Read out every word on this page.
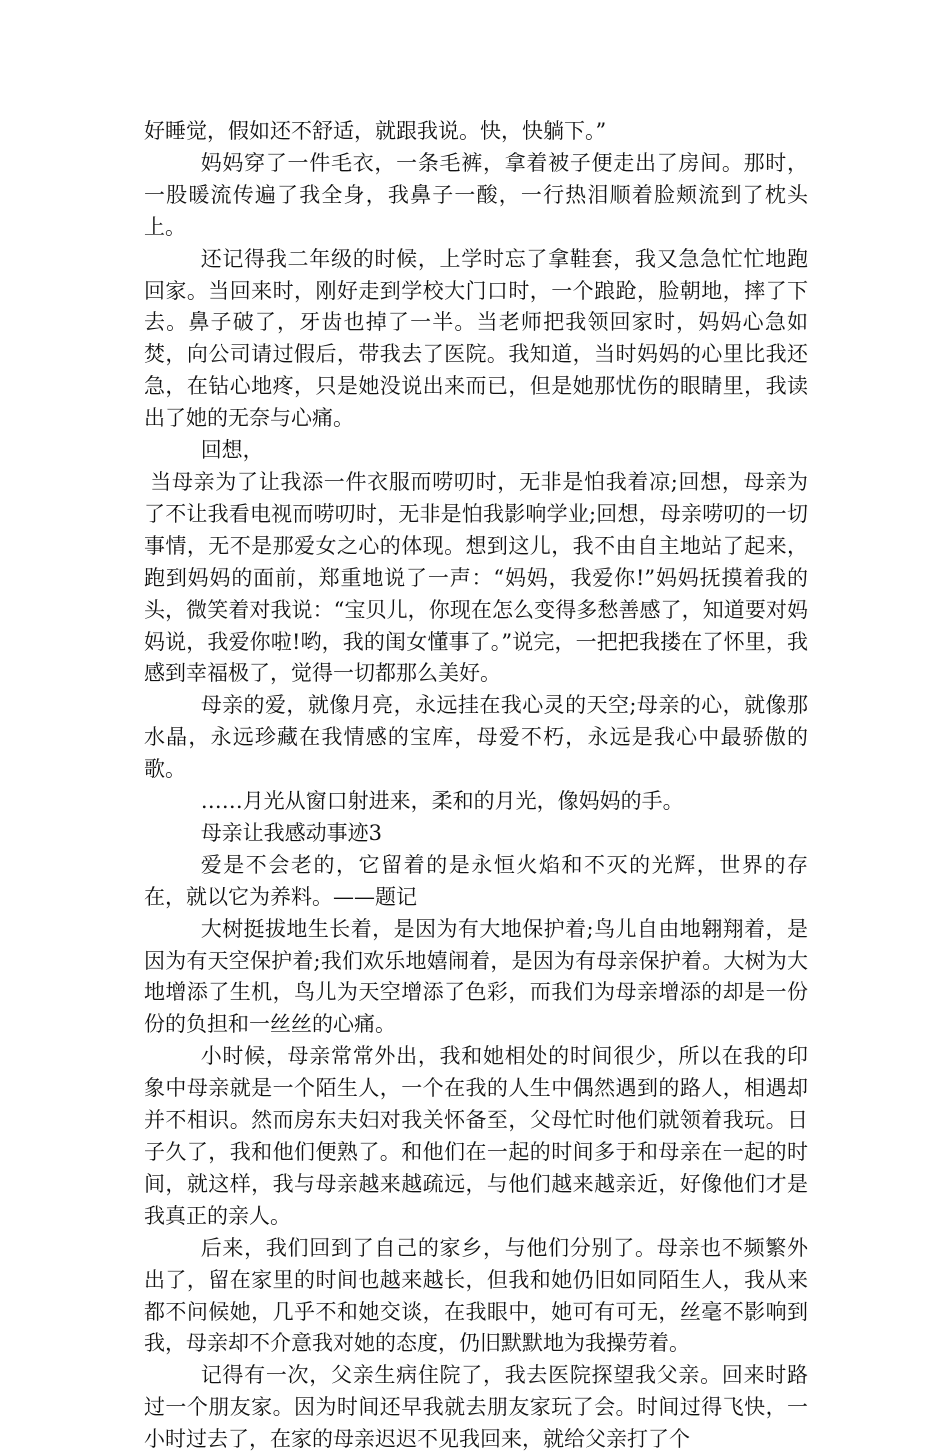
好睡觉，假如还不舒适，就跟我说。快，快躺下。”

妈妈穿了一件毛衣，一条毛裤，拿着被子便走出了房间。那时，一股暖流传遍了我全身，我鼻子一酸，一行热泪顺着脸颊流到了枕头上。

还记得我二年级的时候，上学时忘了拿鞋套，我又急急忙忙地跑回家。当回来时，刚好走到学校大门口时，一个踉跄，脸朝地，摔了下去。鼻子破了，牙齿也掉了一半。当老师把我领回家时，妈妈心急如焚，向公司请过假后，带我去了医院。我知道，当时妈妈的心里比我还急，在钻心地疼，只是她没说出来而已，但是她那忧伤的眼睛里，我读出了她的无奈与心痛。

回想，

当母亲为了让我添一件衣服而唠叨时，无非是怕我着凉;回想，母亲为了不让我看电视而唠叨时，无非是怕我影响学业;回想，母亲唠叨的一切事情，无不是那爱女之心的体现。想到这儿，我不由自主地站了起来，跑到妈妈的面前，郑重地说了一声：“妈妈，我爱你!”妈妈抚摸着我的头，微笑着对我说：“宝贝儿，你现在怎么变得多愁善感了，知道要对妈妈说，我爱你啦!哟，我的闺女懂事了。”说完，一把把我搂在了怀里，我感到幸福极了，觉得一切都那么美好。

母亲的爱，就像月亮，永远挂在我心灵的天空;母亲的心，就像那水晶，永远珍藏在我情感的宝库，母爱不朽，永远是我心中最骄傲的歌。

……月光从窗口射进来，柔和的月光，像妈妈的手。

母亲让我感动事迹3

爱是不会老的，它留着的是永恒火焰和不灭的光辉，世界的存在，就以它为养料。——题记

大树挺拔地生长着，是因为有大地保护着;鸟儿自由地翱翔着，是因为有天空保护着;我们欢乐地嬉闹着，是因为有母亲保护着。大树为大地增添了生机，鸟儿为天空增添了色彩，而我们为母亲增添的却是一份份的负担和一丝丝的心痛。

小时候，母亲常常外出，我和她相处的时间很少，所以在我的印象中母亲就是一个陌生人，一个在我的人生中偶然遇到的路人，相遇却并不相识。然而房东夫妇对我关怀备至，父母忙时他们就领着我玩。日子久了，我和他们便熟了。和他们在一起的时间多于和母亲在一起的时间，就这样，我与母亲越来越疏远，与他们越来越亲近，好像他们才是我真正的亲人。

后来，我们回到了自己的家乡，与他们分别了。母亲也不频繁外出了，留在家里的时间也越来越长，但我和她仍旧如同陌生人，我从来都不问候她，几乎不和她交谈，在我眼中，她可有可无，丝毫不影响到我，母亲却不介意我对她的态度，仍旧默默地为我操劳着。

记得有一次，父亲生病住院了，我去医院探望我父亲。回来时路过一个朋友家。因为时间还早我就去朋友家玩了会。时间过得飞快，一小时过去了，在家的母亲迟迟不见我回来，就给父亲打了个
